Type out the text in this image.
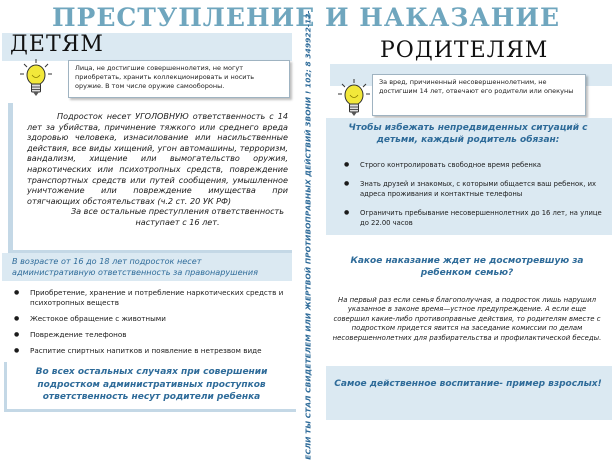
ПРЕСТУПЛЕНИЕ И НАКАЗАНИЕ
ДЕТЯМ
Лица, не достигшие совершеннолетия, не могут приобретать, хранить коллекционировать и носить оружие. В том числе оружие самообороны.
Подросток несет УГОЛОВНУЮ ответственность с 14 лет за убийства, причинение тяжкого или среднего вреда здоровью человека, изнасилование или насильственные действия, все виды хищений, угон автомашины, терроризм, вандализм, хищение или вымогательство оружия, наркотических или психотропных средств, повреждение транспортных средств или путей сообщения, умышленное уничтожение или повреждение имущества при отягчающих обстоятельствах (ч.2 ст. 20 УК РФ)
За все остальные преступления ответственность наступает с 16 лет.
В возрасте от 16 до 18 лет подросток несет административную ответственность за правонарушения
● Приобретение, хранение и потребление наркотических средств и психотропных веществ
● Жестокое обращение с животными
● Повреждение телефонов
● Распитие спиртных напитков и появление в нетрезвом виде
Во всех остальных случаях при совершении подростком административных проступков ответственность несут родители ребенка	ЕСЛИ ТЫ СТАЛ СВИДЕТЕЛЕМ ИЛИ ЖЕРТВОЙ ПРОТИВОПРАВНЫХ ДЕЙСТВИЙ ЗВОНИ ! 102; 8 349922-12-	РОДИТЕЛЯМ
За вред, причиненный несовершеннолетним, не достигшим 14 лет, отвечают его родители или опекуны
Чтобы избежать непредвиденных ситуаций с детьми, каждый родитель обязан:
● Строго контролировать свободное время ребенка
● Знать друзей и знакомых, с которыми общается ваш ребенок, их адреса проживания и контактные телефоны
● Ограничить пребывание несовершеннолетних до 16 лет, на улице до 22.00 часов
Какое наказание ждет не досмотревшую за ребенком семью?
На первый раз если семья благополучная, а подросток лишь нарушил указанное в законе время—устное предупреждение. А если еще совершил какие-либо противоправные действия, то родителям вместе с подростком придется явится на заседание комиссии по делам несовершеннолетних для разбирательства и профилактической беседы.
Самое действенное воспитание- пример взрослых!
